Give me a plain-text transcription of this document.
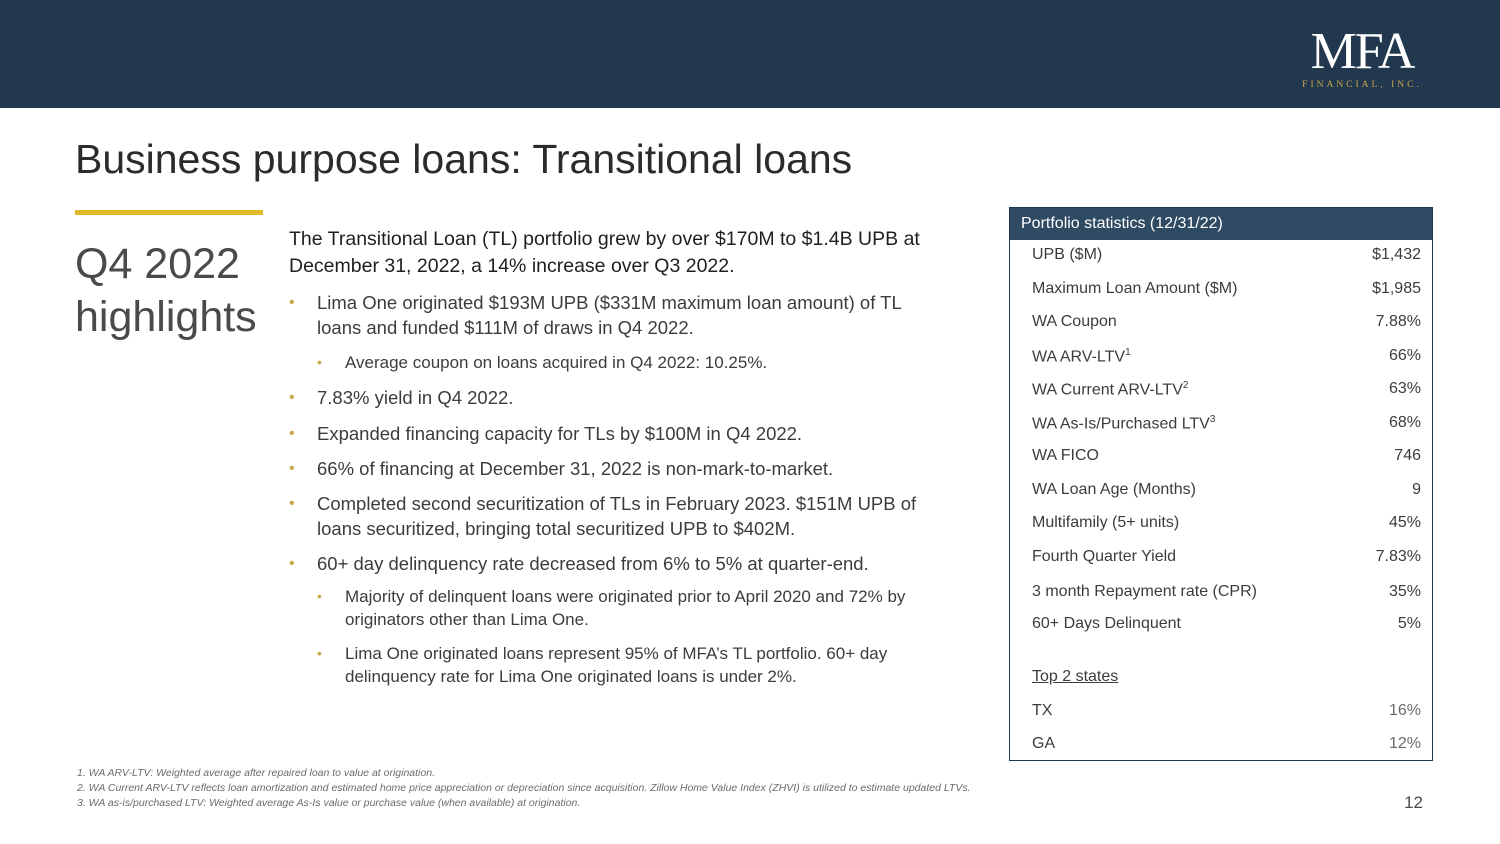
MFA
FINANCIAL, INC.
Business purpose loans: Transitional loans
Q4 2022 highlights

The Transitional Loan (TL) portfolio grew by over $170M to $1.4B UPB at December 31, 2022, a 14% increase over Q3 2022.

• Lima One originated $193M UPB ($331M maximum loan amount) of TL loans and funded $111M of draws in Q4 2022.
• Average coupon on loans acquired in Q4 2022: 10.25%.
• 7.83% yield in Q4 2022.
• Expanded financing capacity for TLs by $100M in Q4 2022.
• 66% of financing at December 31, 2022 is non-mark-to-market.
• Completed second securitization of TLs in February 2023. $151M UPB of loans securitized, bringing total securitized UPB to $402M.
• 60+ day delinquency rate decreased from 6% to 5% at quarter-end.
• Majority of delinquent loans were originated prior to April 2020 and 72% by originators other than Lima One.
• Lima One originated loans represent 95% of MFA’s TL portfolio. 60+ day delinquency rate for Lima One originated loans is under 2%.
Portfolio statistics (12/31/22)
UPB ($M)	$1,432
Maximum Loan Amount ($M)	$1,985
WA Coupon	7.88%
WA ARV-LTV$^1$	66%
WA Current ARV-LTV$^2$	63%
WA As-Is/Purchased LTV$^3$	68%
WA FICO	746
WA Loan Age (Months)	9
Multifamily (5+ units)	45%
Fourth Quarter Yield	7.83%
3 month Repayment rate (CPR)	35%
60+ Days Delinquent	5%
Top 2 states
TX	16%
GA	12%
1. WA ARV-LTV: Weighted average after repaired loan to value at origination.
2. WA Current ARV-LTV reflects loan amortization and estimated home price appreciation or depreciation since acquisition. Zillow Home Value Index (ZHVI) is utilized to estimate updated LTVs.
3. WA as-is/purchased LTV: Weighted average As-Is value or purchase value (when available) at origination.	12
